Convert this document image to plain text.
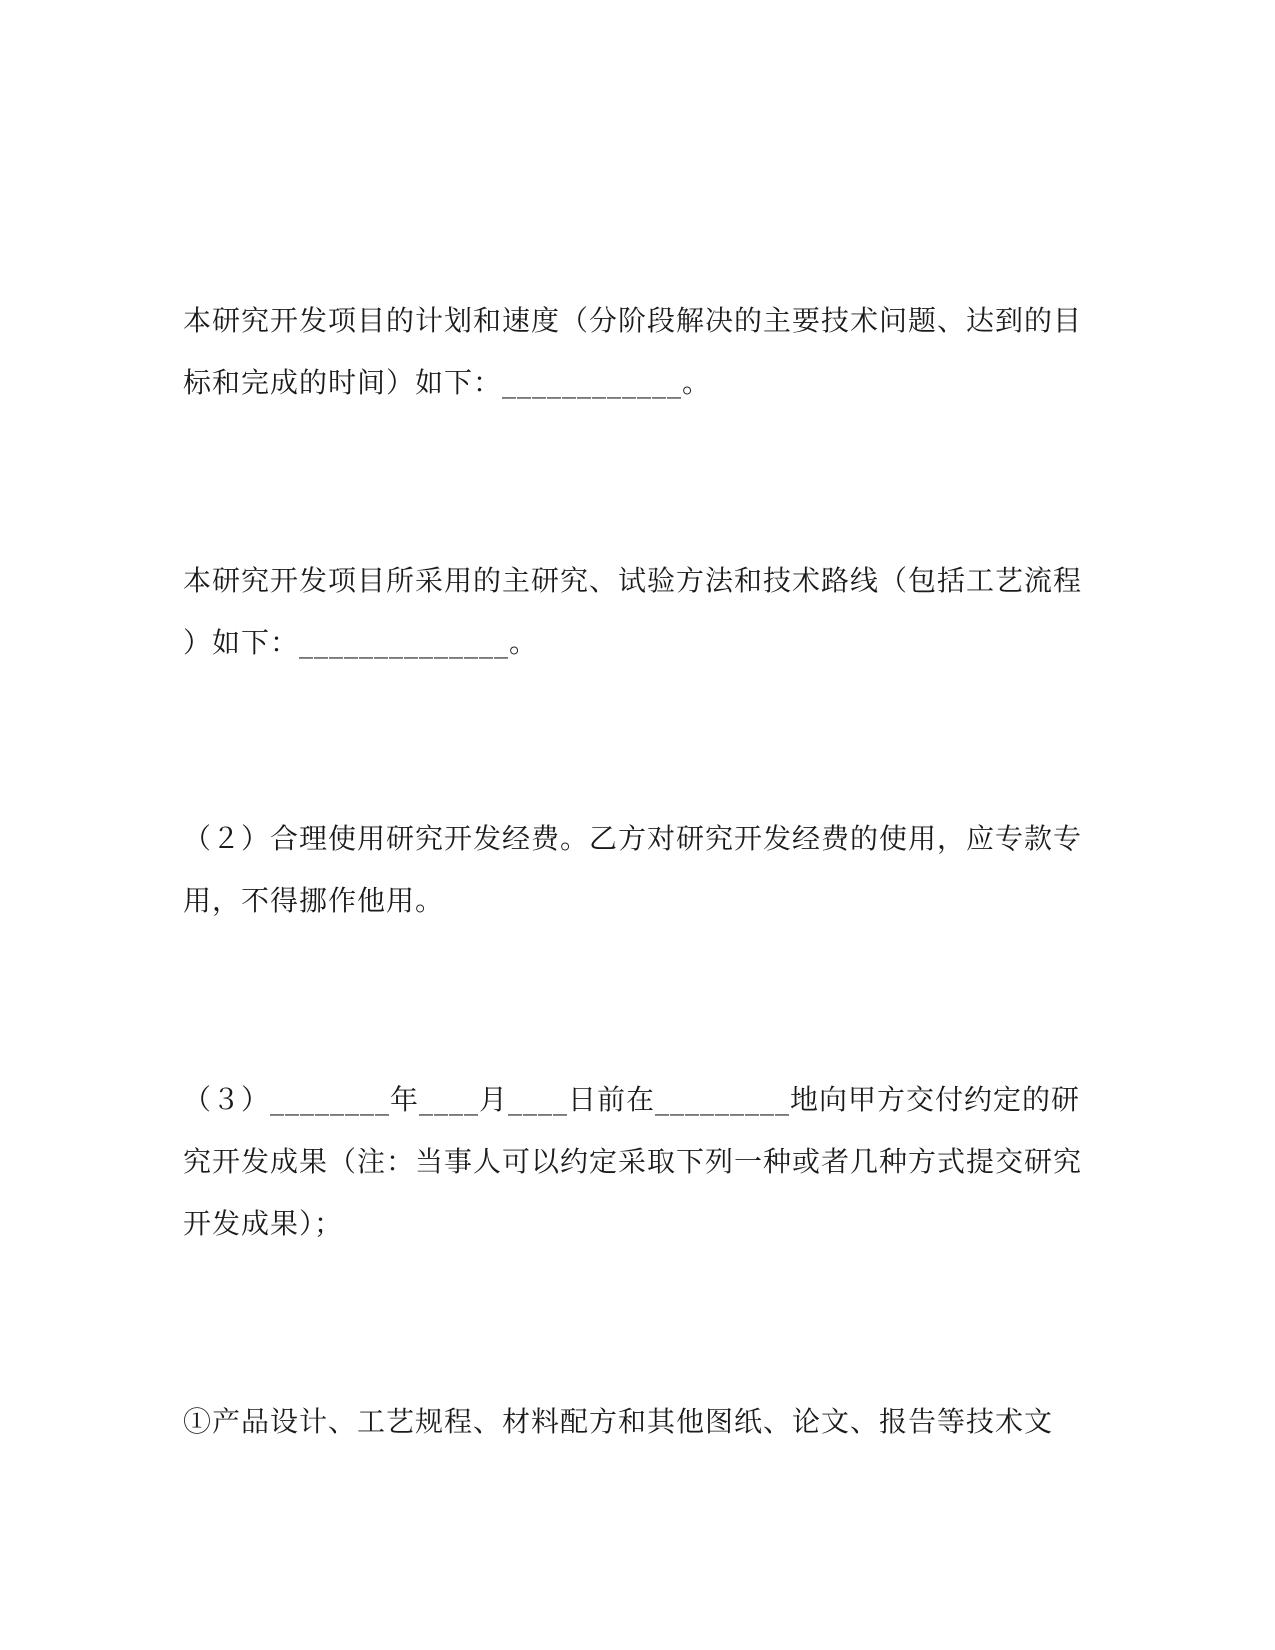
本研究开发项目的计划和速度（分阶段解决的主要技术问题、达到的目
标和完成的时间）如下：____________。

本研究开发项目所采用的主研究、试验方法和技术路线（包括工艺流程
）如下：______________。

（２）合理使用研究开发经费。乙方对研究开发经费的使用，应专款专
用，不得挪作他用。

（３）________年____月____日前在_________地向甲方交付约定的研
究开发成果（注：当事人可以约定采取下列一种或者几种方式提交研究
开发成果）；

①产品设计、工艺规程、材料配方和其他图纸、论文、报告等技术文
